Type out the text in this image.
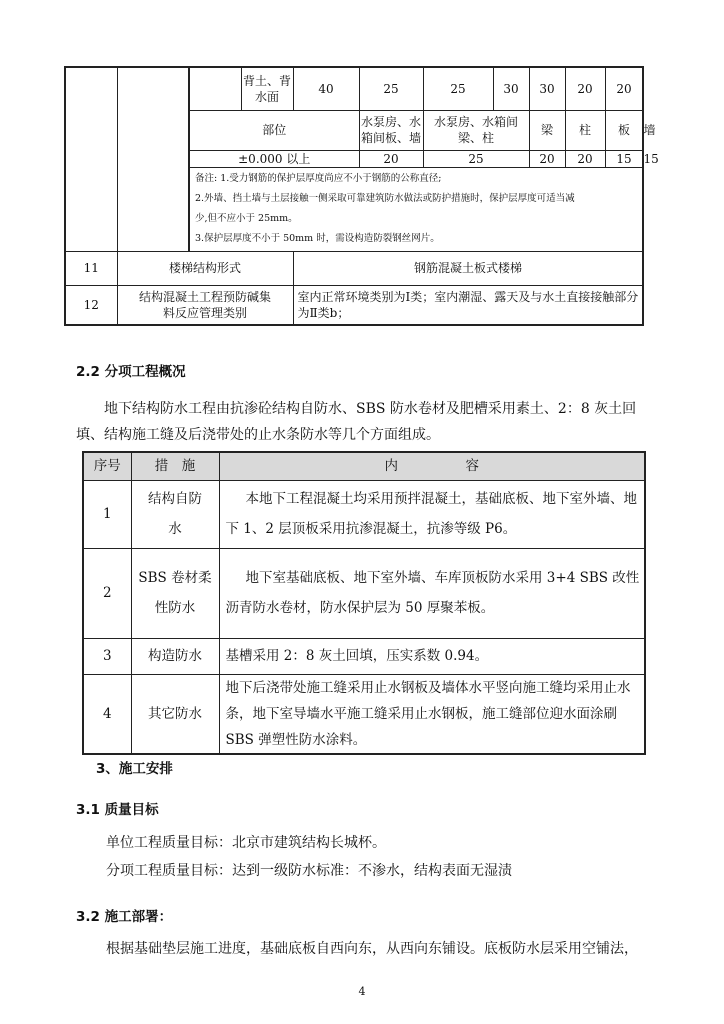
			背土、背水面	40	25	25	30	30	20	20	
		部位			水泵房、水箱间板、墙	水泵房、水箱间梁、柱		梁	柱	板	墙
		±0.000 以上			20	25		20	20	15	15

		备注: 1.受力钢筋的保护层厚度尚应不小于钢筋的公称直径;
2.外墙、挡土墙与土层接触一侧采取可靠建筑防水做法或防护措施时，保护层厚度可适当减
少,但不应小于 25mm。
3.保护层厚度不小于 50mm 时，需设构造防裂钢丝网片。									

11	楼梯结构形式			钢筋混凝土板式楼梯							
12	结构混凝土工程预防碱集料反应管理类别			室内正常环境类别为Ⅰ类；室内潮湿、露天及与水土直接接触部分为Ⅱ类b；							
2.2 分项工程概况
地下结构防水工程由抗渗砼结构自防水、SBS 防水卷材及肥槽采用素土、2：8 灰土回填、结构施工缝及后浇带处的止水条防水等几个方面组成。
序号	措　施	内　　　　　容
1	结构自防水	本地下工程混凝土均采用预拌混凝土，基础底板、地下室外墙、地下 1、2 层顶板采用抗渗混凝土，抗渗等级 P6。
2	SBS 卷材柔性防水	地下室基础底板、地下室外墙、车库顶板防水采用 3+4 SBS 改性沥青防水卷材，防水保护层为 50 厚聚苯板。
3	构造防水	基槽采用 2：8 灰土回填，压实系数 0.94。
4	其它防水	地下后浇带处施工缝采用止水钢板及墙体水平竖向施工缝均采用止水条，地下室导墙水平施工缝采用止水钢板，施工缝部位迎水面涂刷 SBS 弹塑性防水涂料。
3、施工安排
3.1 质量目标
单位工程质量目标：北京市建筑结构长城杯。
分项工程质量目标：达到一级防水标准：不渗水，结构表面无湿渍
3.2 施工部署：
根据基础垫层施工进度，基础底板自西向东，从西向东铺设。底板防水层采用空铺法，
4
